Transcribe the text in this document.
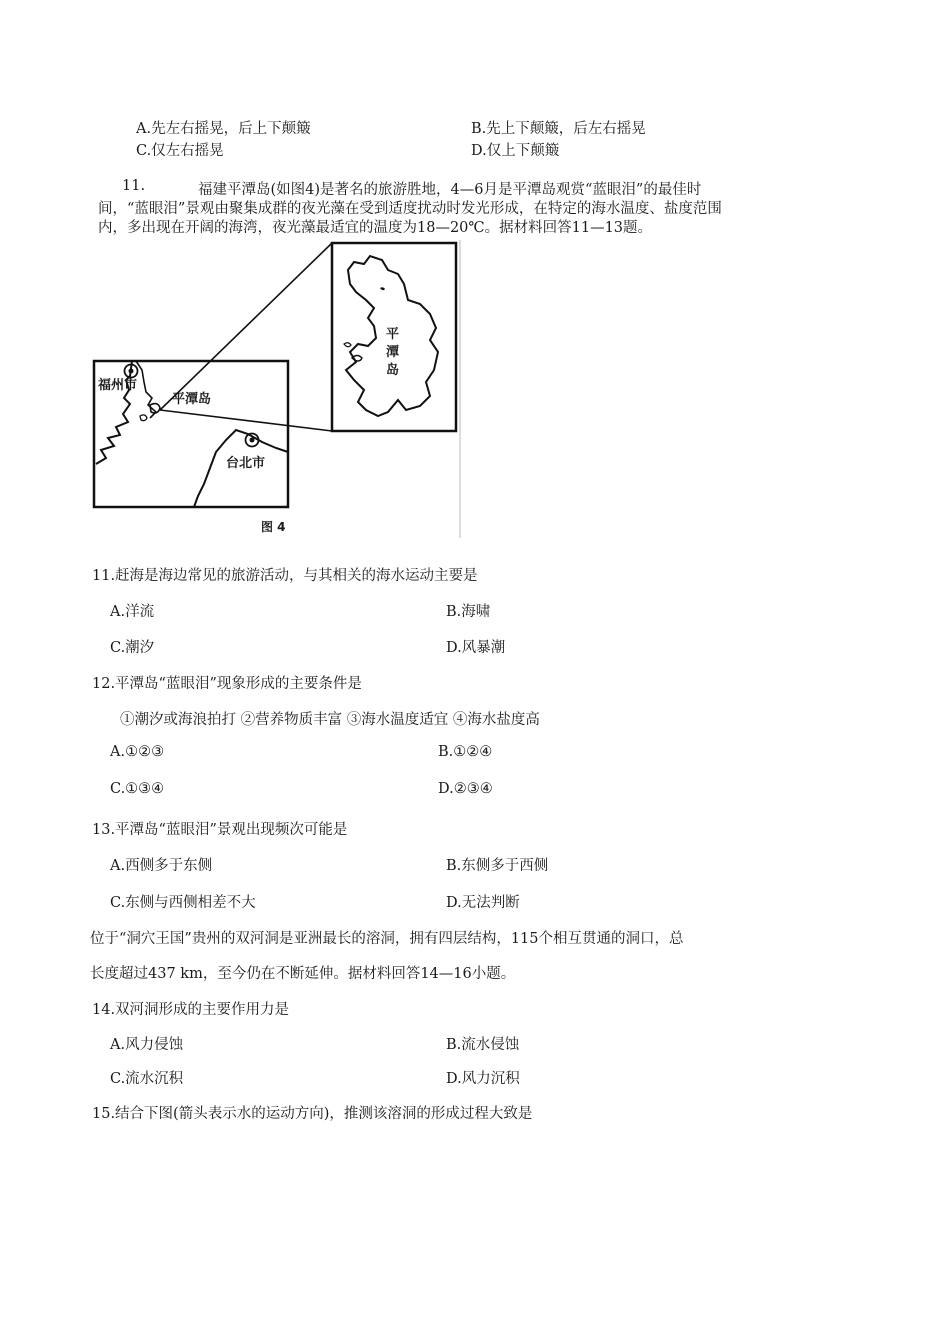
A.先左右摇晃，后上下颠簸	B.先上下颠簸，后左右摇晃
C.仅左右摇晃	D.仅上下颠簸
11.	福建平潭岛(如图4)是著名的旅游胜地，4—6月是平潭岛观赏“蓝眼泪”的最佳时
间，“蓝眼泪”景观由聚集成群的夜光藻在受到适度扰动时发光形成，在特定的海水温度、盐度范围
内，多出现在开阔的海湾，夜光藻最适宜的温度为18—20℃。据材料回答11—13题。
福州市
平潭岛
台北市
平潭岛
图 4
11.赶海是海边常见的旅游活动，与其相关的海水运动主要是
A.洋流	B.海啸
C.潮汐	D.风暴潮
12.平潭岛“蓝眼泪”现象形成的主要条件是
①潮汐或海浪拍打 ②营养物质丰富 ③海水温度适宜 ④海水盐度高
A.①②③	B.①②④
C.①③④	D.②③④
13.平潭岛“蓝眼泪”景观出现频次可能是
A.西侧多于东侧	B.东侧多于西侧
C.东侧与西侧相差不大	D.无法判断
位于“洞穴王国”贵州的双河洞是亚洲最长的溶洞，拥有四层结构，115个相互贯通的洞口，总
长度超过437 km，至今仍在不断延伸。据材料回答14—16小题。
14.双河洞形成的主要作用力是
A.风力侵蚀	B.流水侵蚀
C.流水沉积	D.风力沉积
15.结合下图(箭头表示水的运动方向)，推测该溶洞的形成过程大致是
